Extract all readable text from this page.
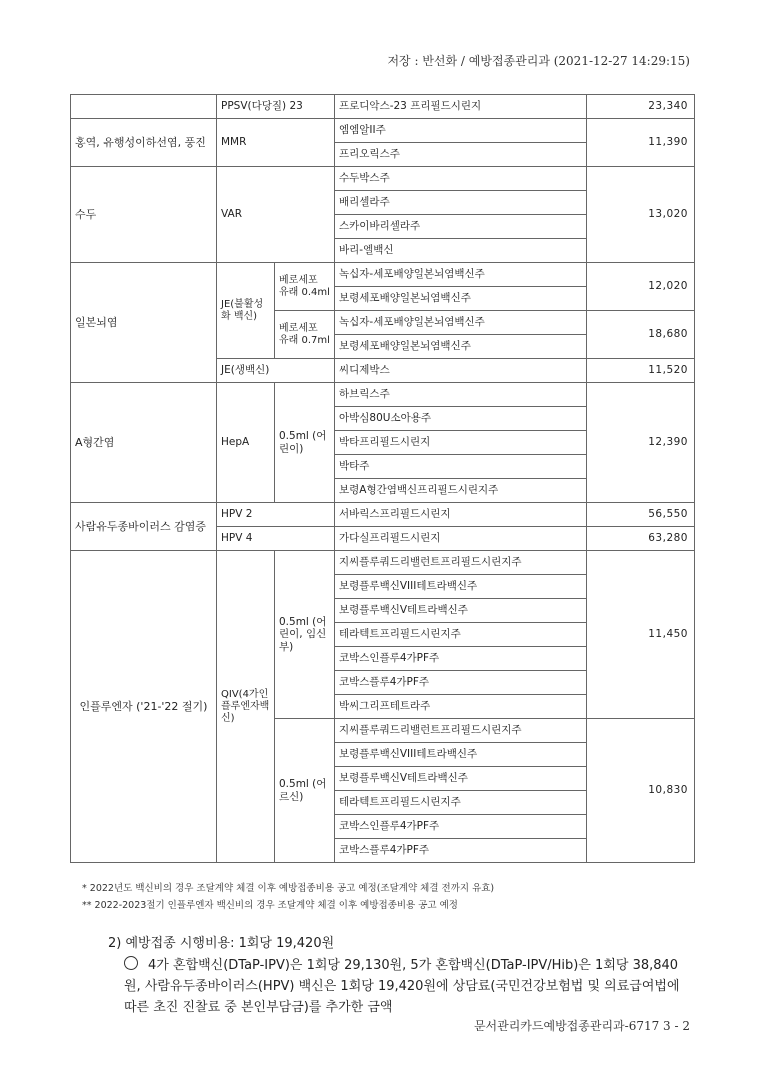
저장 : 반선화 / 예방접종관리과 (2021-12-27 14:29:15)
	PPSV(다당질) 23		프로디악스-23 프리필드시린지	23,340
홍역, 유행성이하선염, 풍진	MMR		엠엠알II주	11,390
			프리오릭스주	
수두	VAR		수두박스주	13,020
			배리셀라주	
			스카이바리셀라주	
			바리-엘백신	
일본뇌염	JE(불활성화 백신)	베로세포 유래 0.4ml	녹십자-세포배양일본뇌염백신주	12,020
			보령세포배양일본뇌염백신주	
		베로세포 유래 0.7ml	녹십자-세포배양일본뇌염백신주	18,680
			보령세포배양일본뇌염백신주	
	JE(생백신)		씨디제박스	11,520
A형간염	HepA	0.5ml (어린이)	하브릭스주	12,390
			아박심80U소아용주	
			박타프리필드시린지	
			박타주	
			보령A형간염백신프리필드시린지주	
사람유두종바이러스 감염증	HPV 2		서바릭스프리필드시린지	56,550
	HPV 4		가다실프리필드시린지	63,280
인플루엔자 ('21-'22 절기)	QIV(4가인플루엔자백신)	0.5ml (어린이, 임신부)	지씨플루쿼드리밸런트프리필드시린지주	11,450
			보령플루백신VIII테트라백신주	
			보령플루백신V테트라백신주	
			테라텍트프리필드시린지주	
			코박스인플루4가PF주	
			코박스플루4가PF주	
			박씨그리프테트라주	
		0.5ml (어르신)	지씨플루쿼드리밸런트프리필드시린지주	10,830
			보령플루백신VIII테트라백신주	
			보령플루백신V테트라백신주	
			테라텍트프리필드시린지주	
			코박스인플루4가PF주	
			코박스플루4가PF주	
* 2022년도 백신비의 경우 조달계약 체결 이후 예방접종비용 공고 예정(조달계약 체결 전까지 유효)
** 2022-2023절기 인플루엔자 백신비의 경우 조달계약 체결 이후 예방접종비용 공고 예정
2) 예방접종 시행비용: 1회당 19,420원
4가 혼합백신(DTaP-IPV)은 1회당 29,130원, 5가 혼합백신(DTaP-IPV/Hib)은 1회당 38,840원, 사람유두종바이러스(HPV) 백신은 1회당 19,420원에 상담료(국민건강보험법 및 의료급여법에 따른 초진 진찰료 중 본인부담금)를 추가한 금액
문서관리카드예방접종관리과-6717 3 - 2
